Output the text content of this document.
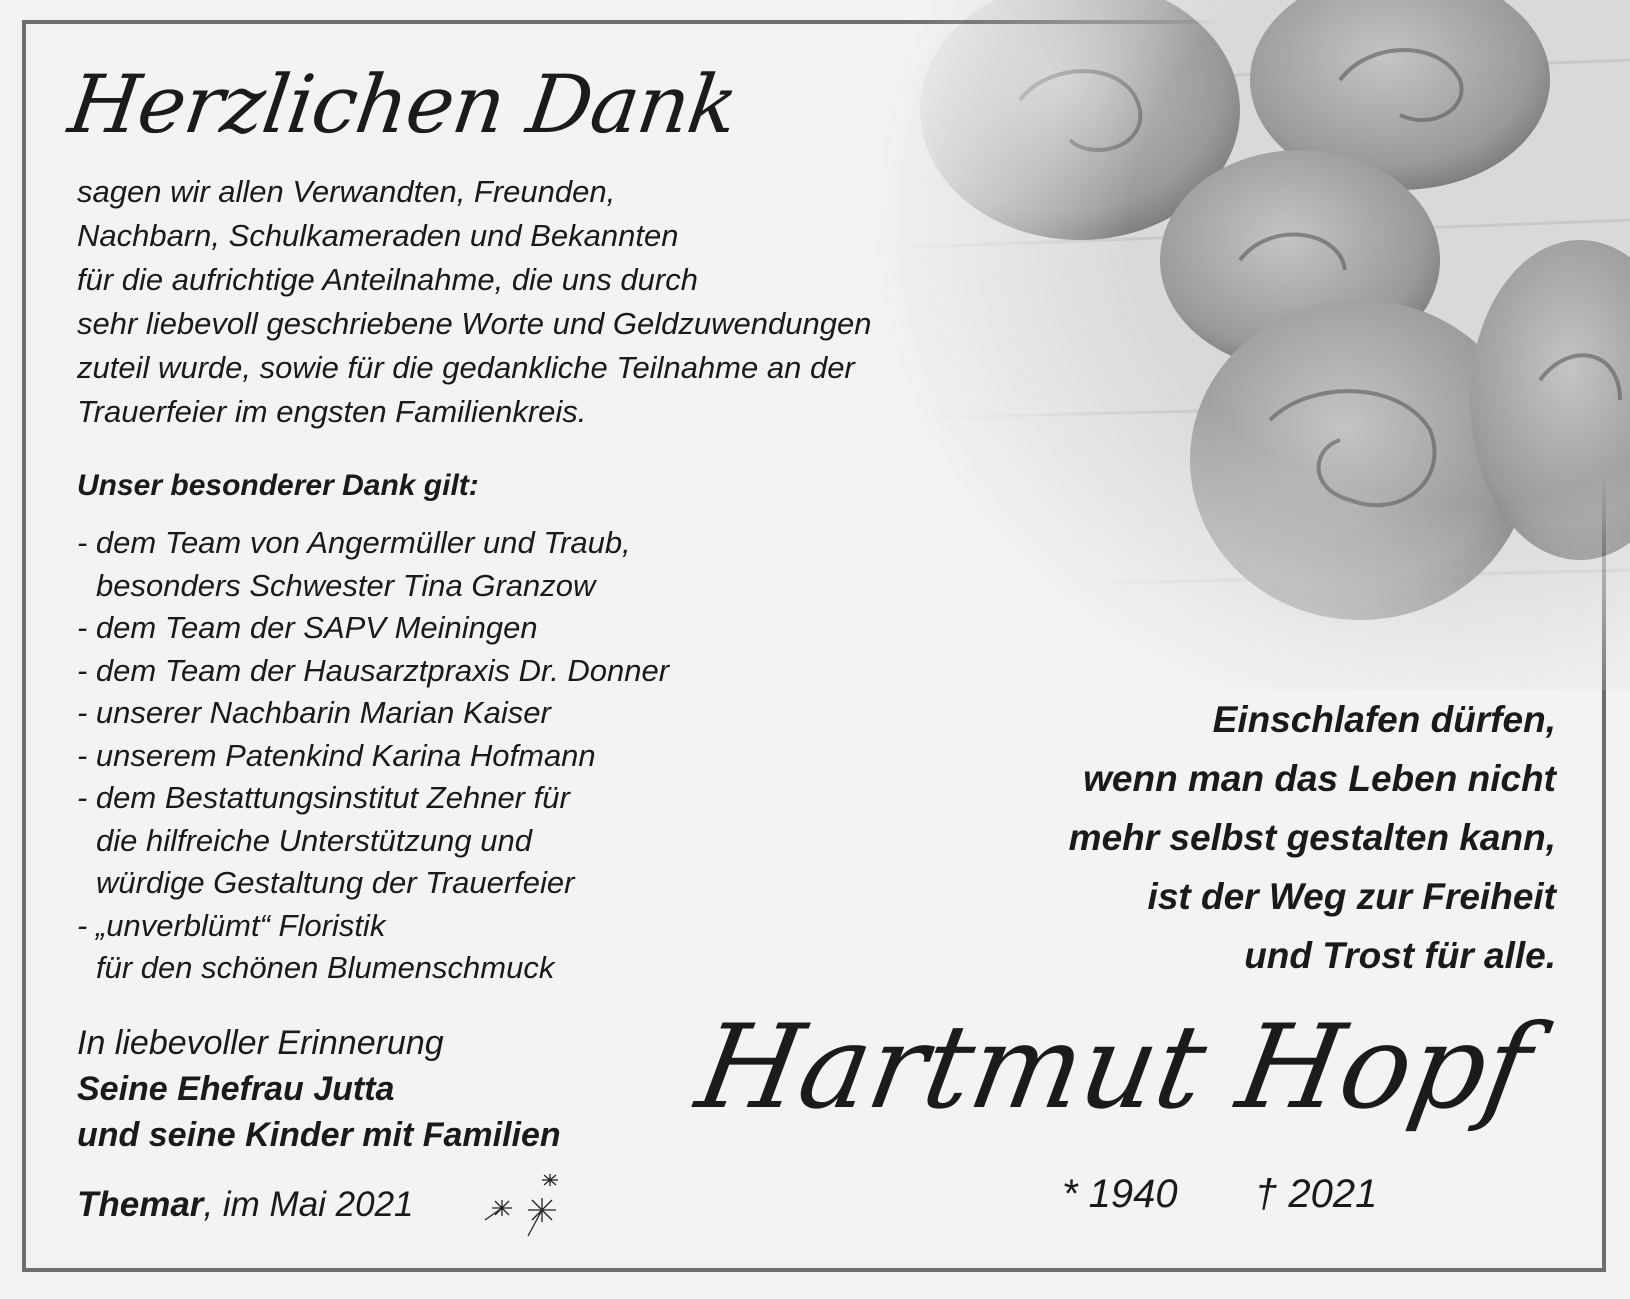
Herzlichen Dank
sagen wir allen Verwandten, Freunden,
Nachbarn, Schulkameraden und Bekannten
für die aufrichtige Anteilnahme, die uns durch
sehr liebevoll geschriebene Worte und Geldzuwendungen
zuteil wurde, sowie für die gedankliche Teilnahme an der
Trauerfeier im engsten Familienkreis.
Unser besonderer Dank gilt:
- dem Team von Angermüller und Traub,
besonders Schwester Tina Granzow
- dem Team der SAPV Meiningen
- dem Team der Hausarztpraxis Dr. Donner
- unserer Nachbarin Marian Kaiser
- unserem Patenkind Karina Hofmann
- dem Bestattungsinstitut Zehner für
die hilfreiche Unterstützung und
würdige Gestaltung der Trauerfeier
- „unverblümt“ Floristik
für den schönen Blumenschmuck
In liebevoller Erinnerung
Seine Ehefrau Jutta
und seine Kinder mit Familien
Themar, im Mai 2021
Einschlafen dürfen,
wenn man das Leben nicht
mehr selbst gestalten kann,
ist der Weg zur Freiheit
und Trost für alle.
Hartmut Hopf
* 1940 † 2021
